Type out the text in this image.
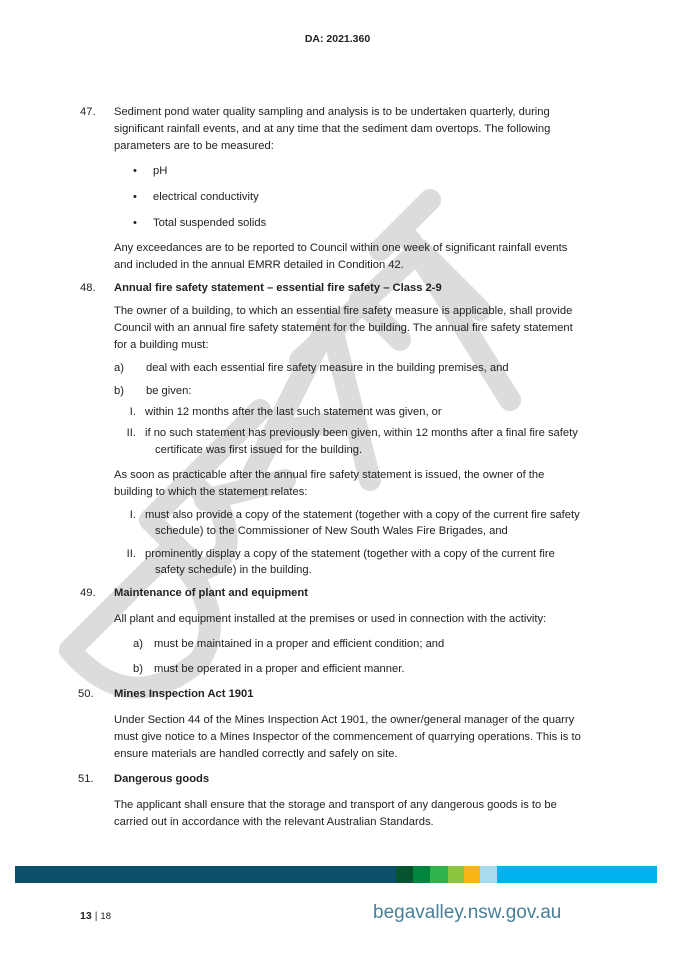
DA: 2021.360
47. Sediment pond water quality sampling and analysis is to be undertaken quarterly, during
significant rainfall events, and at any time that the sediment dam overtops. The following
parameters are to be measured:
• pH
• electrical conductivity
• Total suspended solids
Any exceedances are to be reported to Council within one week of significant rainfall events
and included in the annual EMRR detailed in Condition 42.
48. Annual fire safety statement – essential fire safety – Class 2-9
The owner of a building, to which an essential fire safety measure is applicable, shall provide
Council with an annual fire safety statement for the building. The annual fire safety statement
for a building must:
a) deal with each essential fire safety measure in the building premises, and
b) be given:
I. within 12 months after the last such statement was given, or
II. if no such statement has previously been given, within 12 months after a final fire safety
certificate was first issued for the building.
As soon as practicable after the annual fire safety statement is issued, the owner of the
building to which the statement relates:
I. must also provide a copy of the statement (together with a copy of the current fire safety
schedule) to the Commissioner of New South Wales Fire Brigades, and
II. prominently display a copy of the statement (together with a copy of the current fire
safety schedule) in the building.
49. Maintenance of plant and equipment
All plant and equipment installed at the premises or used in connection with the activity:
a) must be maintained in a proper and efficient condition; and
b) must be operated in a proper and efficient manner.
50. Mines Inspection Act 1901
Under Section 44 of the Mines Inspection Act 1901, the owner/general manager of the quarry
must give notice to a Mines Inspector of the commencement of quarrying operations. This is to
ensure materials are handled correctly and safely on site.
51. Dangerous goods
The applicant shall ensure that the storage and transport of any dangerous goods is to be
carried out in accordance with the relevant Australian Standards.
13 | 18	begavalley.nsw.gov.au
